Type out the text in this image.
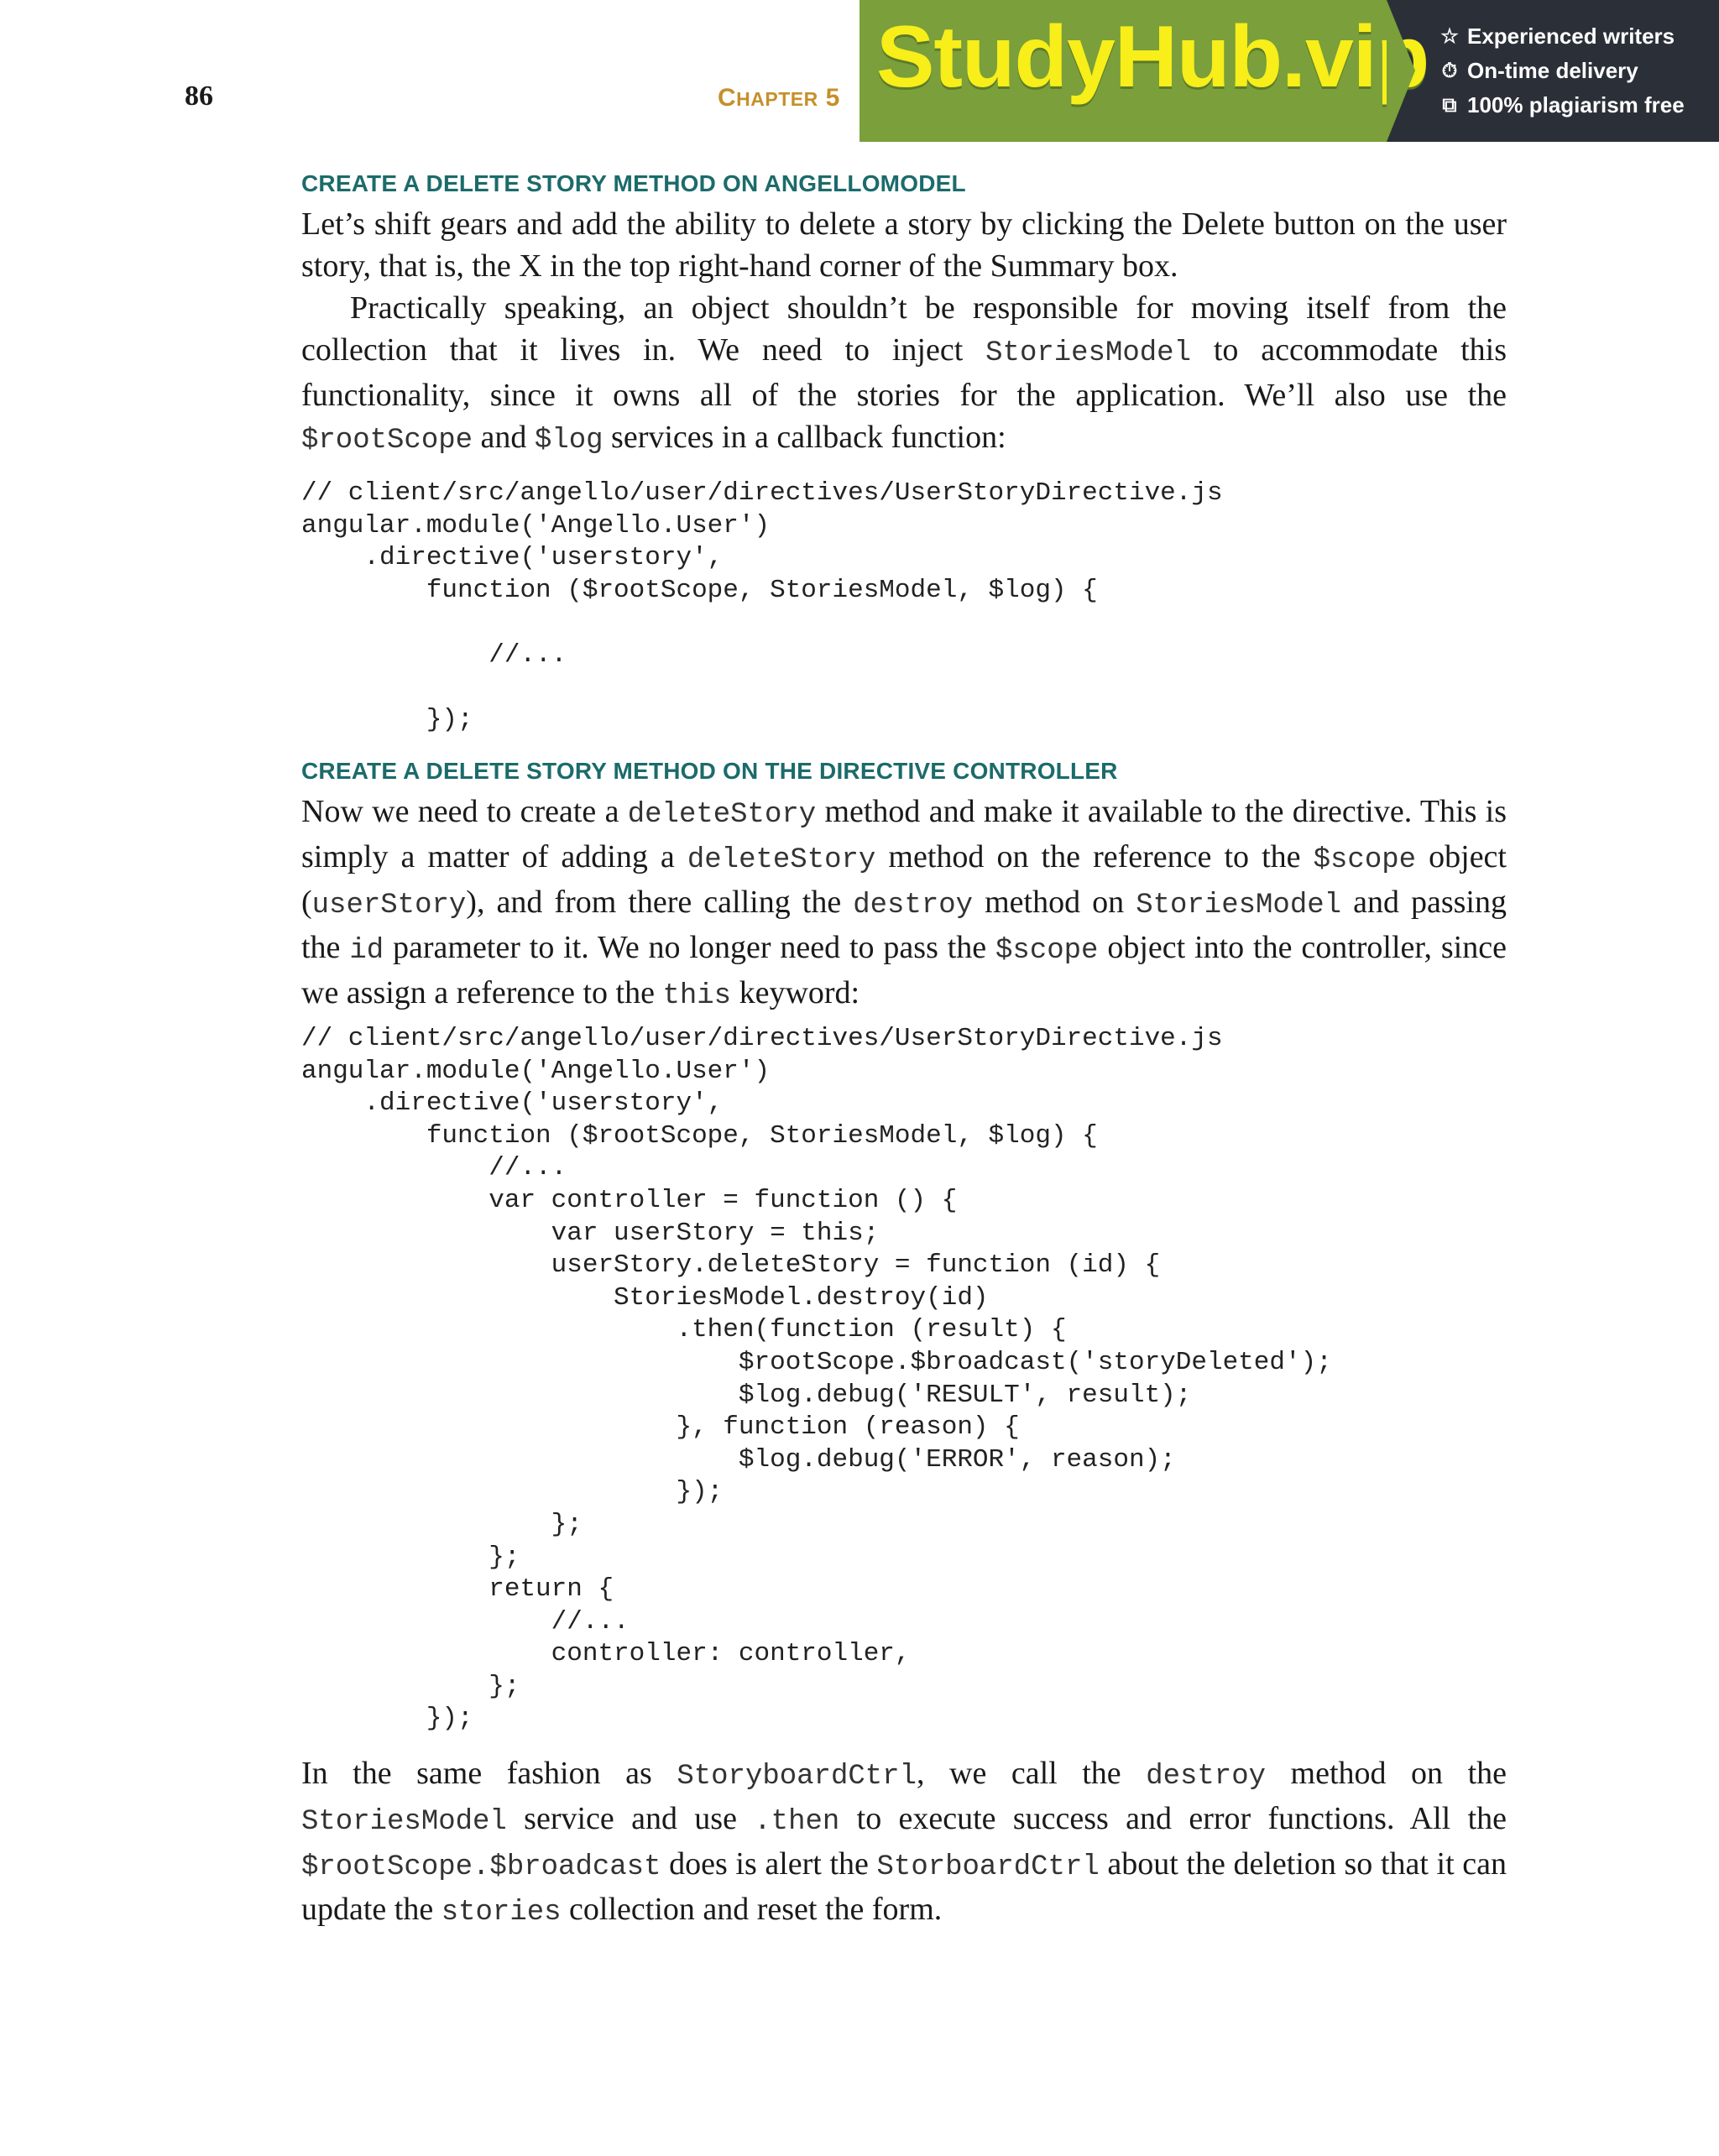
86	CHAPTER 5 StudyHub.vip ☆ Experienced writers
⏱ On-time delivery
⧉ 100% plagiarism free
CREATE A DELETE STORY METHOD ON ANGELLOMODEL

Let’s shift gears and add the ability to delete a story by clicking the Delete button on the user story, that is, the X in the top right-hand corner of the Summary box.

Practically speaking, an object shouldn’t be responsible for moving itself from the collection that it lives in. We need to inject StoriesModel to accommodate this functionality, since it owns all of the stories for the application. We’ll also use the $rootScope and $log services in a callback function:

// client/src/angello/user/directives/UserStoryDirective.js
angular.module('Angello.User')
.directive('userstory',
function ($rootScope, StoriesModel, $log) {

//...

});
CREATE A DELETE STORY METHOD ON THE DIRECTIVE CONTROLLER

Now we need to create a deleteStory method and make it available to the directive. This is simply a matter of adding a deleteStory method on the reference to the $scope object (userStory), and from there calling the destroy method on StoriesModel and passing the id parameter to it. We no longer need to pass the $scope object into the controller, since we assign a reference to the this keyword:

// client/src/angello/user/directives/UserStoryDirective.js
angular.module('Angello.User')
.directive('userstory',
function ($rootScope, StoriesModel, $log) {
//...
var controller = function () {
var userStory = this;
userStory.deleteStory = function (id) {
StoriesModel.destroy(id)
.then(function (result) {
$rootScope.$broadcast('storyDeleted');
$log.debug('RESULT', result);
}, function (reason) {
$log.debug('ERROR', reason);
});
};
};
return {
//...
controller: controller,
};
});

In the same fashion as StoryboardCtrl, we call the destroy method on the StoriesModel service and use .then to execute success and error functions. All the $rootScope.$broadcast does is alert the StorboardCtrl about the deletion so that it can update the stories collection and reset the form.
